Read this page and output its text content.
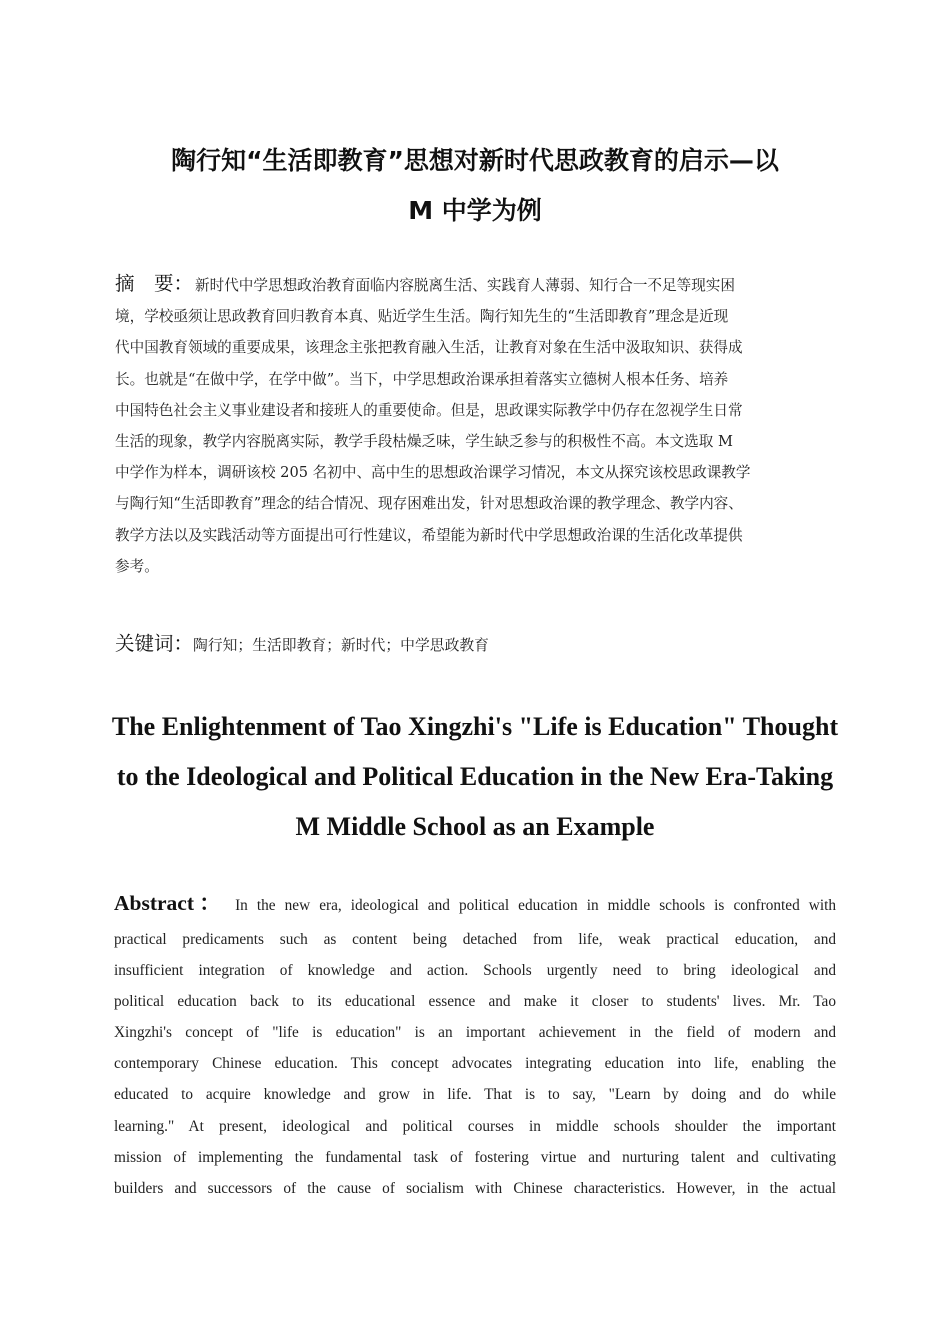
陶行知“生活即教育”思想对新时代思政教育的启示—以
M 中学为例
摘　要： 新时代中学思想政治教育面临内容脱离生活、实践育人薄弱、知行合一不足等现实困
境，学校亟须让思政教育回归教育本真、贴近学生生活。陶行知先生的“生活即教育”理念是近现
代中国教育领域的重要成果，该理念主张把教育融入生活，让教育对象在生活中汲取知识、获得成
长。也就是“在做中学，在学中做”。当下，中学思想政治课承担着落实立德树人根本任务、培养
中国特色社会主义事业建设者和接班人的重要使命。但是，思政课实际教学中仍存在忽视学生日常
生活的现象，教学内容脱离实际，教学手段枯燥乏味，学生缺乏参与的积极性不高。本文选取 M
中学作为样本，调研该校 205 名初中、高中生的思想政治课学习情况，本文从探究该校思政课教学
与陶行知“生活即教育”理念的结合情况、现存困难出发，针对思想政治课的教学理念、教学内容、
教学方法以及实践活动等方面提出可行性建议，希望能为新时代中学思想政治课的生活化改革提供
参考。
关键词：陶行知；生活即教育；新时代；中学思政教育
The Enlightenment of Tao Xingzhi's "Life is Education" Thought
to the Ideological and Political Education in the New Era-Taking
M Middle School as an Example
Abstract： In the new era, ideological and political education in middle schools is confronted with
practical predicaments such as content being detached from life, weak practical education, and
insufficient integration of knowledge and action. Schools urgently need to bring ideological and
political education back to its educational essence and make it closer to students' lives. Mr. Tao
Xingzhi's concept of "life is education" is an important achievement in the field of modern and
contemporary Chinese education. This concept advocates integrating education into life, enabling the
educated to acquire knowledge and grow in life. That is to say, "Learn by doing and do while
learning." At present, ideological and political courses in middle schools shoulder the important
mission of implementing the fundamental task of fostering virtue and nurturing talent and cultivating
builders and successors of the cause of socialism with Chinese characteristics. However, in the actual
